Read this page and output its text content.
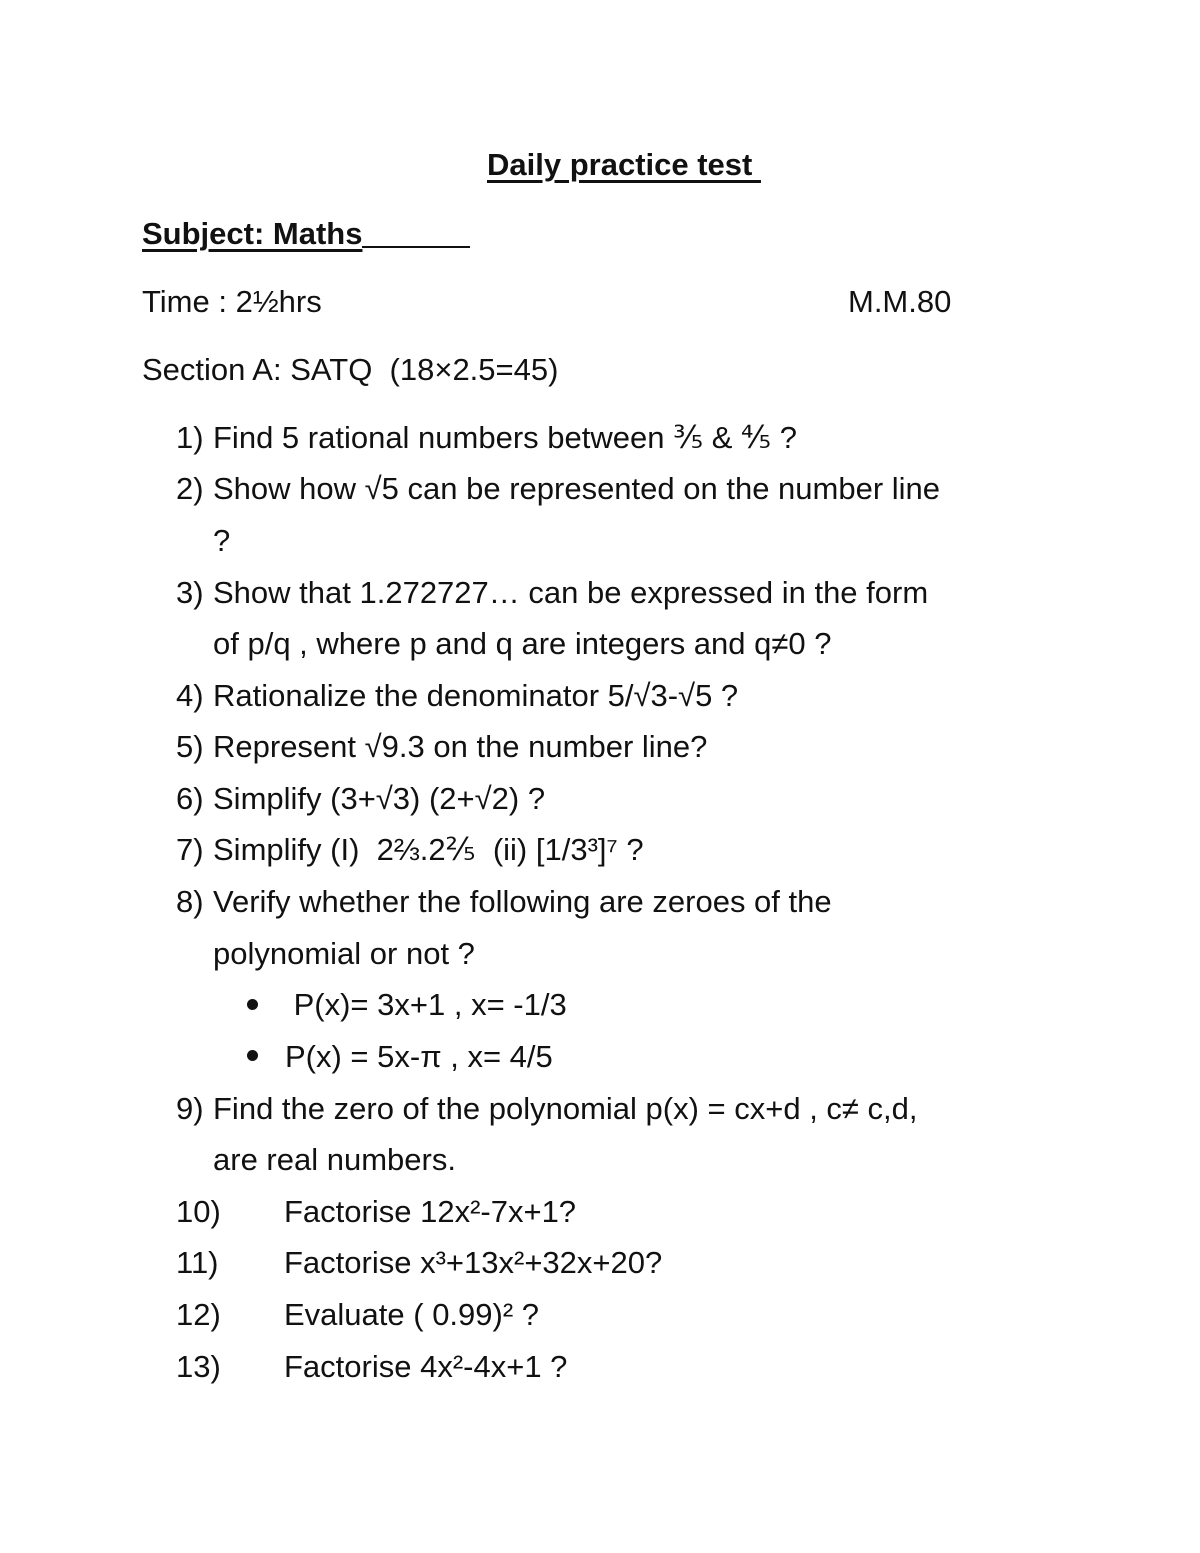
Daily practice test
Subject: Maths
Time : 2½hrs	M.M.80
Section A: SATQ  (18×2.5=45)
1) Find 5 rational numbers between ⅗ & ⅘ ?
2) Show how √5 can be represented on the number line
?
3) Show that 1.272727… can be expressed in the form
of p/q , where p and q are integers and q≠0 ?
4) Rationalize the denominator 5/√3-√5 ?
5) Represent √9.3 on the number line?
6) Simplify (3+√3) (2+√2) ?
7) Simplify (I)  2⅔.2⅖  (ii) [1/3³]⁷ ?
8) Verify whether the following are zeroes of the
polynomial or not ?
P(x)= 3x+1 , x= -1/3
P(x) = 5x-π , x= 4/5
9) Find the zero of the polynomial p(x) = cx+d , c≠ c,d,
are real numbers.
10) Factorise 12x²-7x+1?
11) Factorise x³+13x²+32x+20?
12) Evaluate ( 0.99)² ?
13) Factorise 4x²-4x+1 ?
